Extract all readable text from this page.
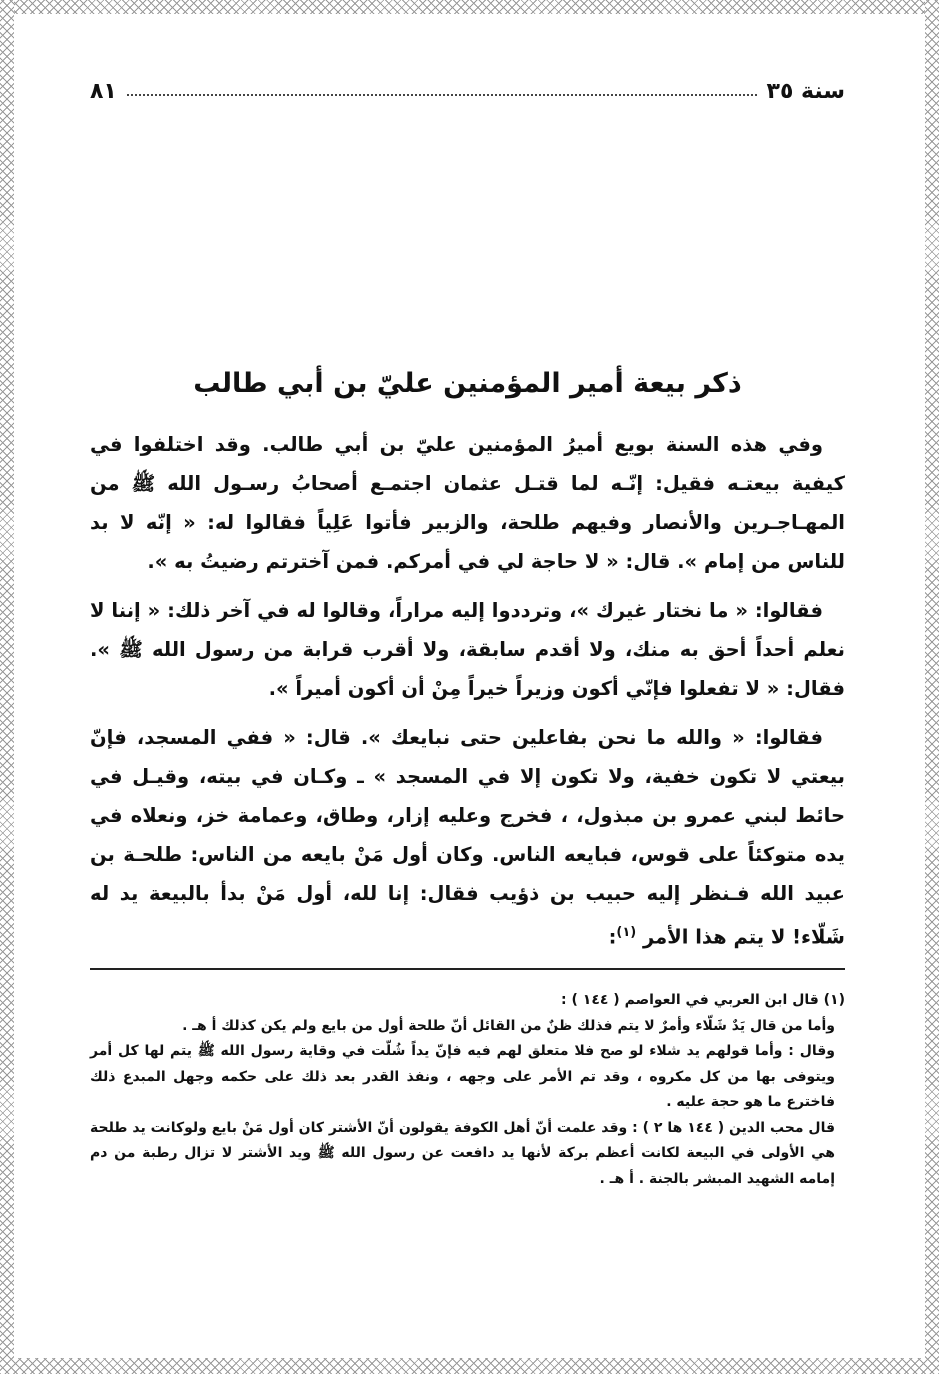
سنة ٣٥
٨١
ذكر بيعة أمير المؤمنين عليّ بن أبي طالب

وفي هذه السنة بويع أميرُ المؤمنين عليّ بن أبي طالب. وقد اختلفوا في كيفية بيعتـه فقيل: إنّـه لما قتـل عثمان اجتمـع أصحابُ رسـول الله ﷺ من المهـاجـرين والأنصار وفيهم طلحة، والزبير فأتوا عَلِياً فقالوا له: « إنّه لا بد للناس من إمام ». قال: « لا حاجة لي في أمركم. فمن آخترتم رضيتُ به ».

فقالوا: « ما نختار غيرك »، وترددوا إليه مراراً، وقالوا له في آخر ذلك: « إننا لا نعلم أحداً أحق به منك، ولا أقدم سابقة، ولا أقرب قرابة من رسول الله ﷺ ». فقال: « لا تفعلوا فإنّي أكون وزيراً خيراً مِنْ أن أكون أميراً ».

فقالوا: « والله ما نحن بفاعلين حتى نبايعك ». قال: « ففي المسجد، فإنّ بيعتي لا تكون خفية، ولا تكون إلا في المسجد » ـ وكـان في بيته، وقيـل في حائط لبني عمرو بن مبذول، ، فخرج وعليه إزار، وطاق، وعمامة خز، ونعلاه في يده متوكئاً على قوس، فبايعه الناس. وكان أول مَنْ بايعه من الناس: طلحـة بن عبيد الله فـنظر إليه حبيب بن ذؤيب فقال: إنا لله، أول مَنْ بدأ بالبيعة يد له شَلّاء! لا يتم هذا الأمر $^{(١)}$:

(١) قال ابن العربي في العواصم ( ١٤٤ ) :

وأما من قال يَدٌ شَلّاء وأمرٌ لا يتم فذلك ظنٌ من القائل أنّ طلحة أول من بايع ولم يكن كذلك أ هـ .

وقال : وأما قولهم يد شلاء لو صح فلا متعلق لهم فيه فإنّ يداً شُلّت في وقاية رسول الله ﷺ يتم لها كل أمر ويتوفى بها من كل مكروه ، وقد تم الأمر على وجهه ، ونفذ القدر بعد ذلك على حكمه وجهل المبدع ذلك فاخترع ما هو حجة عليه .

قال محب الدين ( ١٤٤ ها ٢ ) : وقد علمت أنّ أهل الكوفة يقولون أنّ الأشتر كان أول مَنْ بايع ولوكانت يد طلحة هي الأولى في البيعة لكانت أعظم بركة لأنها يد دافعت عن رسول الله ﷺ ويد الأشتر لا تزال رطبة من دم إمامه الشهيد المبشر بالجنة . أ هـ .
